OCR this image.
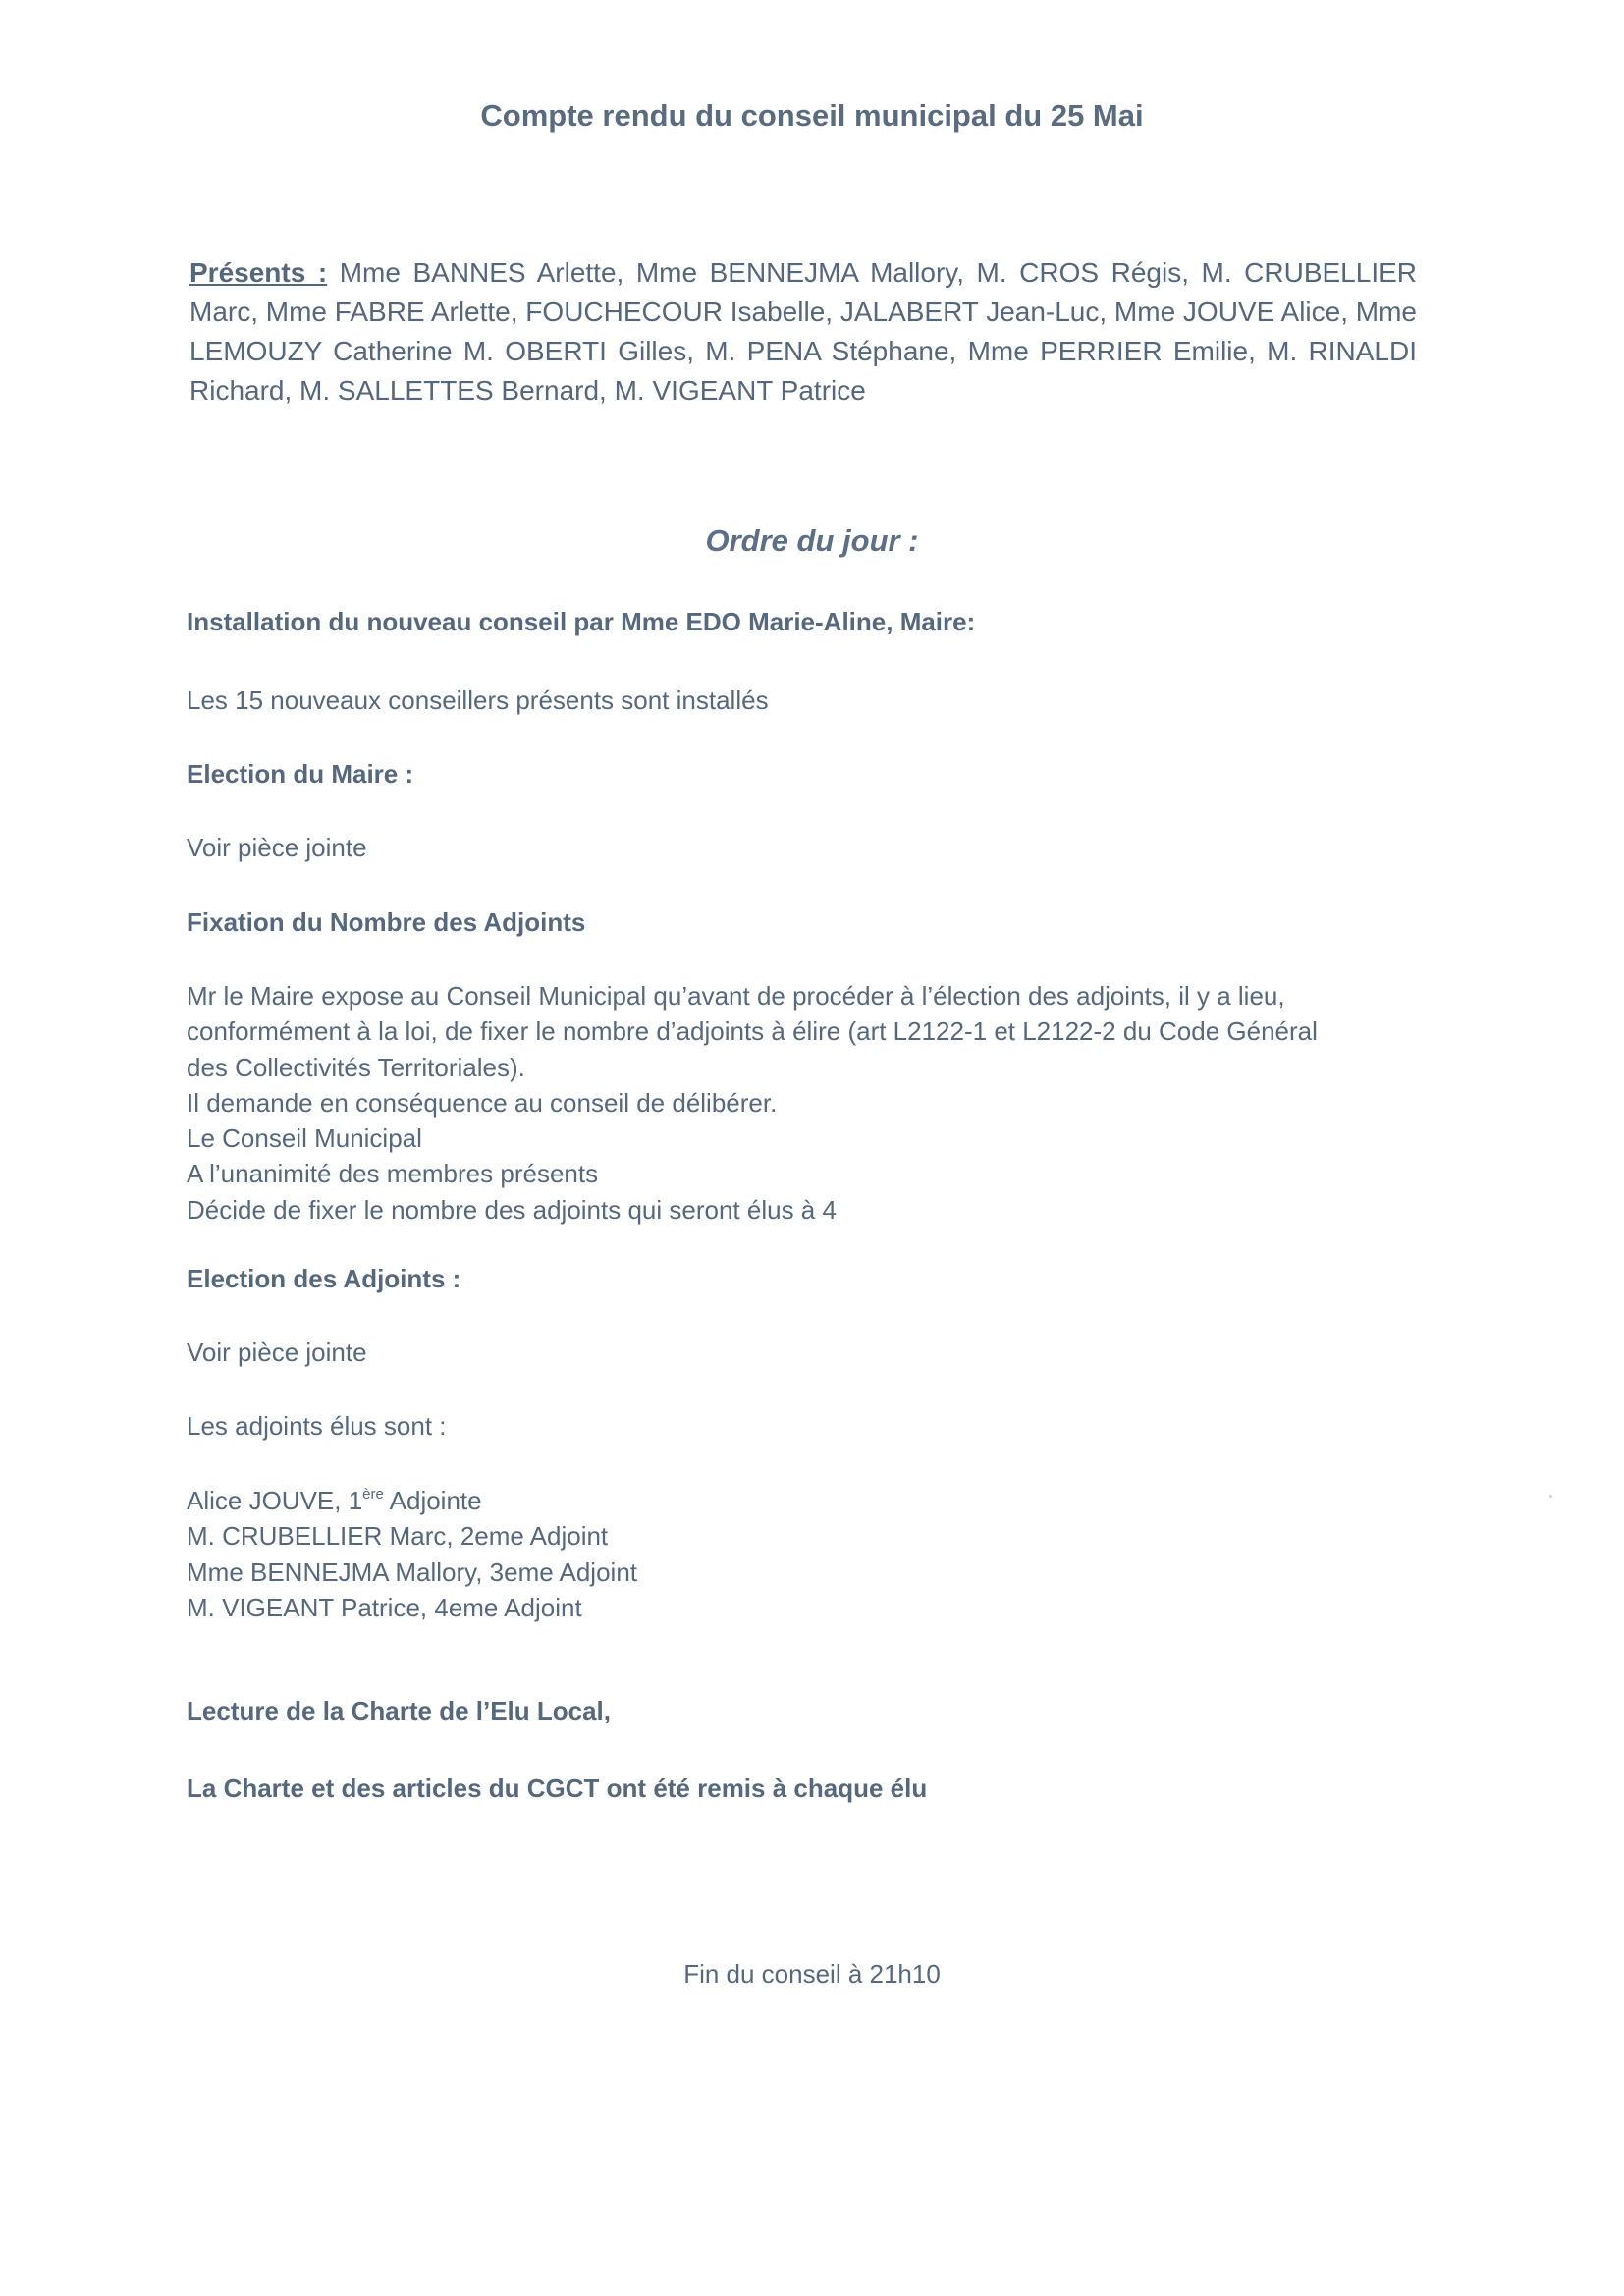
Compte rendu du conseil municipal du 25 Mai
Présents : Mme BANNES Arlette, Mme BENNEJMA Mallory, M. CROS Régis, M. CRUBELLIER Marc, Mme FABRE Arlette, FOUCHECOUR Isabelle, JALABERT Jean-Luc, Mme JOUVE Alice, Mme LEMOUZY Catherine M. OBERTI Gilles, M. PENA Stéphane, Mme PERRIER Emilie, M. RINALDI Richard, M. SALLETTES Bernard, M. VIGEANT Patrice
Ordre du jour :
Installation du nouveau conseil par Mme EDO Marie-Aline, Maire:
Les 15 nouveaux conseillers présents sont installés
Election du Maire :
Voir pièce jointe
Fixation du Nombre des Adjoints
Mr le Maire expose au Conseil Municipal qu’avant de procéder à l’élection des adjoints, il y a lieu,
conformément à la loi, de fixer le nombre d’adjoints à élire (art L2122-1 et L2122-2 du Code Général
des Collectivités Territoriales).
Il demande en conséquence au conseil de délibérer.
Le Conseil Municipal
A l’unanimité des membres présents
Décide de fixer le nombre des adjoints qui seront élus à 4
Election des Adjoints :
Voir pièce jointe
Les adjoints élus sont :
Alice JOUVE, 1ère Adjointe
M. CRUBELLIER Marc, 2eme Adjoint
Mme BENNEJMA Mallory, 3eme Adjoint
M. VIGEANT Patrice, 4eme Adjoint
Lecture de la Charte de l’Elu Local,
La Charte et des articles du CGCT ont été remis à chaque élu
Fin du conseil à 21h10
